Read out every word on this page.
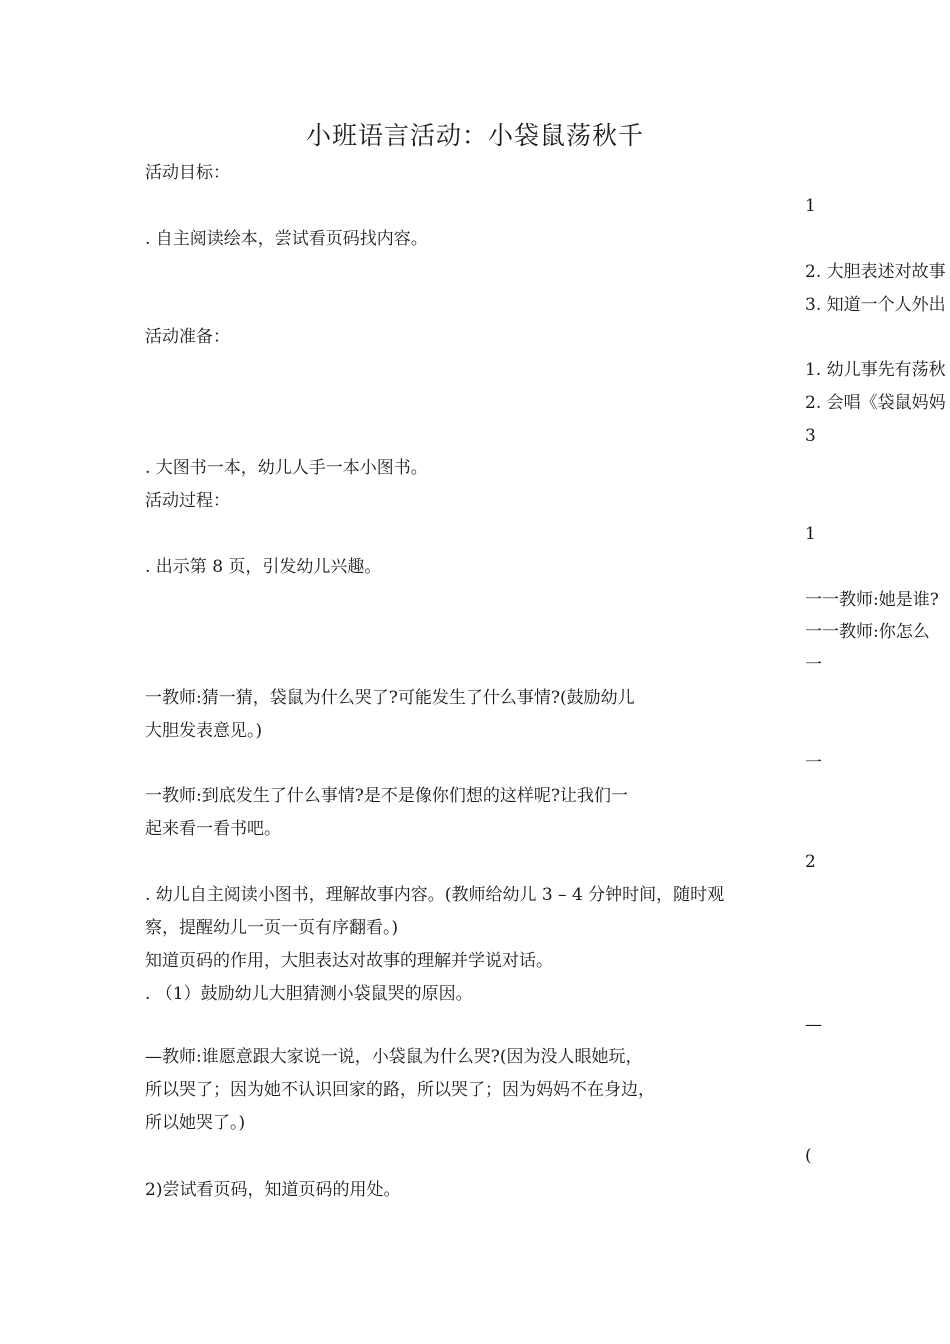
小班语言活动：小袋鼠荡秋千
活动目标：
. 自主阅读绘本，尝试看页码找内容。
活动准备：
. 大图书一本，幼儿人手一本小图书。
活动过程：
. 出示第 8 页，引发幼儿兴趣。
一教师:猜一猜，袋鼠为什么哭了?可能发生了什么事情?(鼓励幼儿
大胆发表意见。)
一教师:到底发生了什么事情?是不是像你们想的这样呢?让我们一
起来看一看书吧。
. 幼儿自主阅读小图书，理解故事内容。(教师给幼儿 3 – 4 分钟时间，随时观
察，提醒幼儿一页一页有序翻看。)
知道页码的作用，大胆表达对故事的理解并学说对话。
. （1）鼓励幼儿大胆猜测小袋鼠哭的原因。
—教师:谁愿意跟大家说一说，小袋鼠为什么哭?(因为没人眼她玩，
所以哭了；因为她不认识回家的路，所以哭了；因为妈妈不在身边，
所以她哭了。)
2)尝试看页码，知道页码的用处。
1
2. 大胆表述对故事
3. 知道一个人外出
1. 幼儿事先有荡秋
2. 会唱《袋鼠妈妈
3
1
一一教师:她是谁?
一一教师:你怎么
一
一
2
—
(
